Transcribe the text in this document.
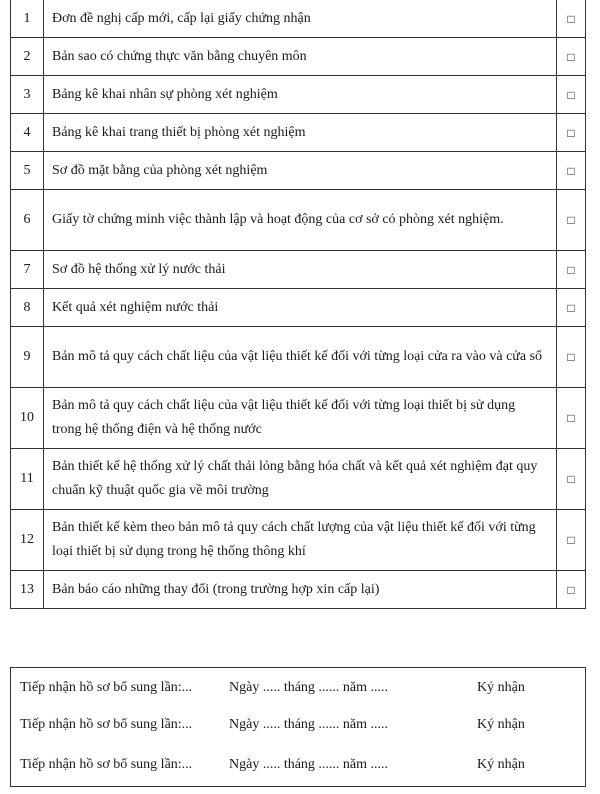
1	Đơn đề nghị cấp mới, cấp lại giấy chứng nhận	□
2	Bản sao có chứng thực văn bằng chuyên môn	□
3	Bảng kê khai nhân sự phòng xét nghiệm	□
4	Bảng kê khai trang thiết bị phòng xét nghiệm	□
5	Sơ đồ mặt bằng của phòng xét nghiệm	□
6	Giấy tờ chứng minh việc thành lập và hoạt động của cơ sở có phòng xét nghiệm.	□
7	Sơ đồ hệ thống xử lý nước thải	□
8	Kết quả xét nghiệm nước thải	□
9	Bản mô tả quy cách chất liệu của vật liệu thiết kế đối với từng loại cửa ra vào và cửa sổ	□
10	Bản mô tả quy cách chất liệu của vật liệu thiết kế đối với từng loại thiết bị sử dụng trong hệ thống điện và hệ thống nước	□
11	Bản thiết kế hệ thống xử lý chất thải lỏng bằng hóa chất và kết quả xét nghiệm đạt quy chuẩn kỹ thuật quốc gia về môi trường	□
12	Bản thiết kế kèm theo bản mô tả quy cách chất lượng của vật liệu thiết kế đối với từng loại thiết bị sử dụng trong hệ thống thông khí	□
13	Bản báo cáo những thay đổi (trong trường hợp xin cấp lại)	□
Tiếp nhận hồ sơ bổ sung lần:...	Ngày ..... tháng ...... năm .....	Ký nhận
Tiếp nhận hồ sơ bổ sung lần:...	Ngày ..... tháng ...... năm .....	Ký nhận
Tiếp nhận hồ sơ bổ sung lần:...	Ngày ..... tháng ...... năm .....	Ký nhận
